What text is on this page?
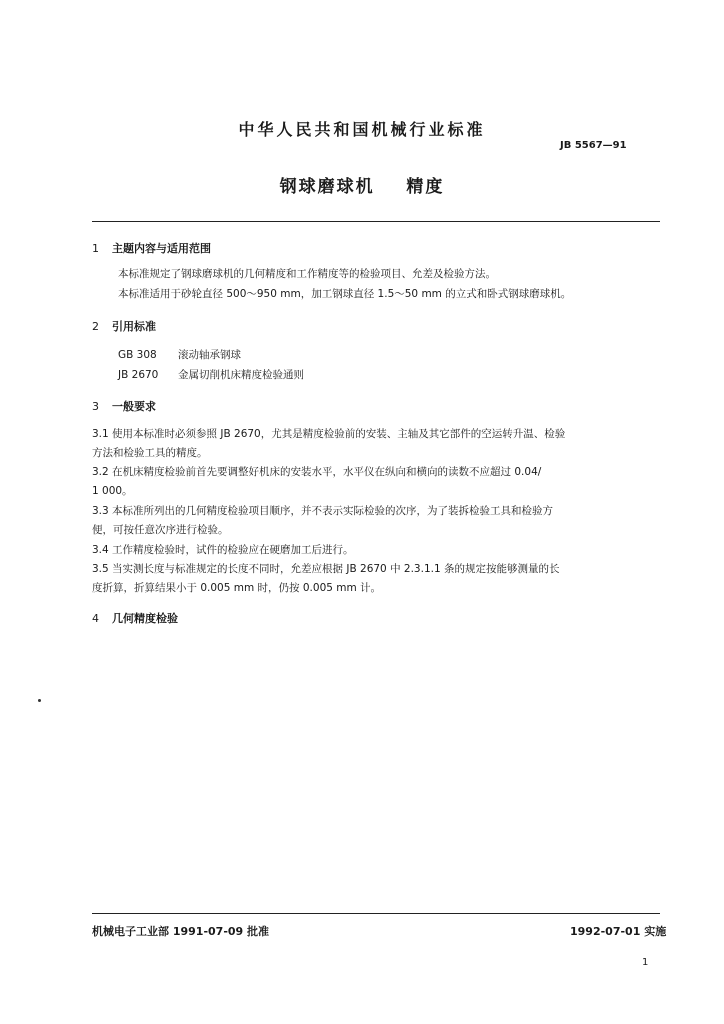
中华人民共和国机械行业标准
JB 5567—91
钢球磨球机    精度
1 主题内容与适用范围
本标准规定了钢球磨球机的几何精度和工作精度等的检验项目、允差及检验方法。
本标准适用于砂轮直径 500～950 mm，加工钢球直径 1.5～50 mm 的立式和卧式钢球磨球机。
2 引用标准
GB 308 滚动轴承钢球
JB 2670 金属切削机床精度检验通则
3 一般要求
3.1 使用本标准时必须参照 JB 2670，尤其是精度检验前的安装、主轴及其它部件的空运转升温、检验
方法和检验工具的精度。
3.2 在机床精度检验前首先要调整好机床的安装水平，水平仪在纵向和横向的读数不应超过 0.04/
1 000。
3.3 本标准所列出的几何精度检验项目顺序，并不表示实际检验的次序，为了装拆检验工具和检验方
便，可按任意次序进行检验。
3.4 工作精度检验时，试件的检验应在硬磨加工后进行。
3.5 当实测长度与标准规定的长度不同时，允差应根据 JB 2670 中 2.3.1.1 条的规定按能够测量的长
度折算，折算结果小于 0.005 mm 时，仍按 0.005 mm 计。
4 几何精度检验
机械电子工业部 1991-07-09 批准	1992-07-01 实施
1
